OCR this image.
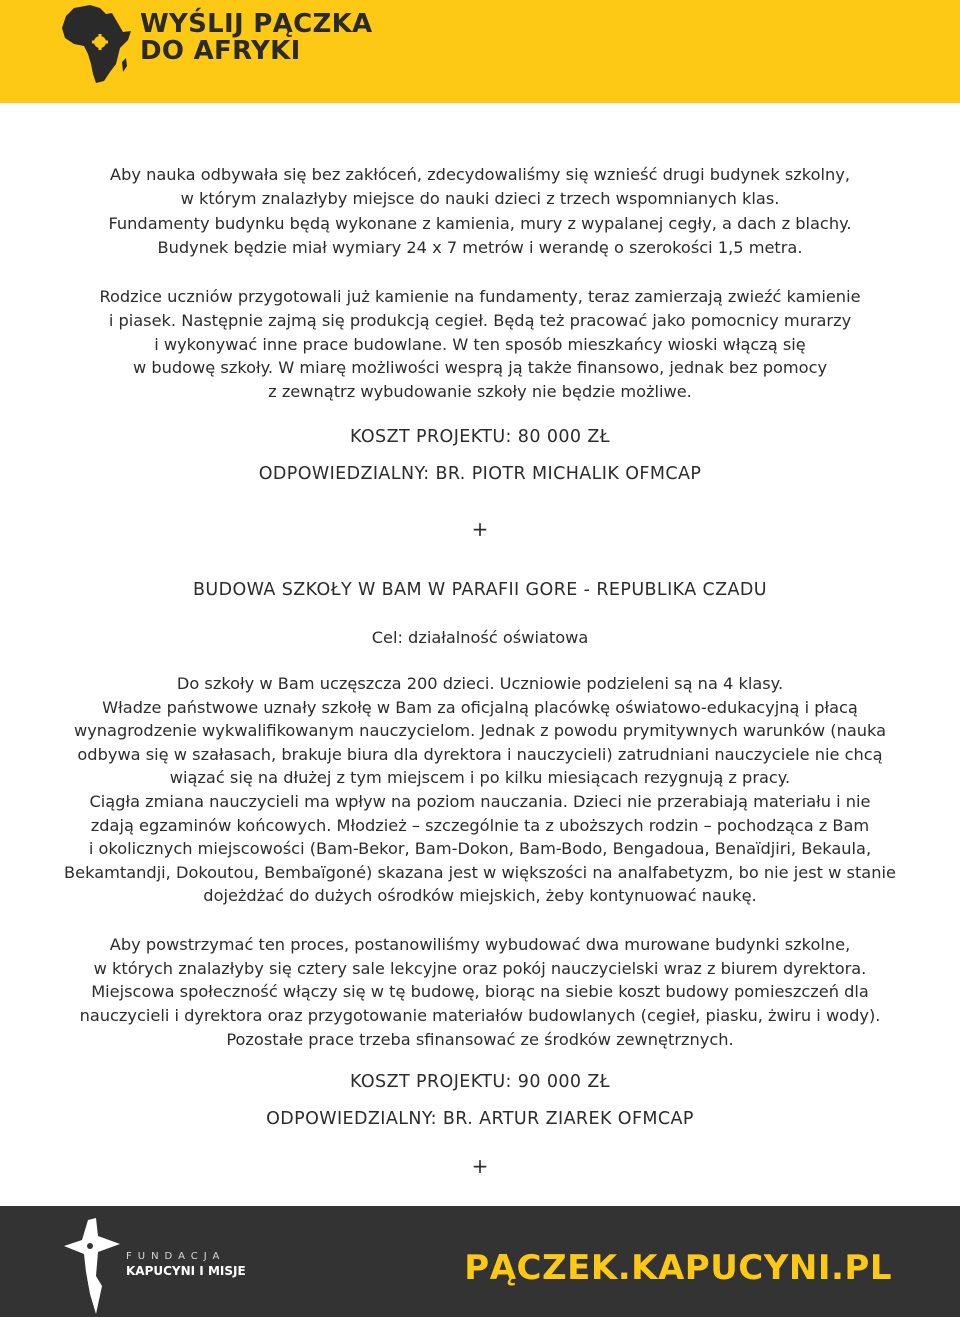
WYŚLIJ PĄCZKA
DO AFRYKI

Aby nauka odbywała się bez zakłóceń, zdecydowaliśmy się wznieść drugi budynek szkolny,
w którym znalazłyby miejsce do nauki dzieci z trzech wspomnianych klas.
Fundamenty budynku będą wykonane z kamienia, mury z wypalanej cegły, a dach z blachy.
Budynek będzie miał wymiary 24 x 7 metrów i werandę o szerokości 1,5 metra.

Rodzice uczniów przygotowali już kamienie na fundamenty, teraz zamierzają zwieźć kamienie
i piasek. Następnie zajmą się produkcją cegieł. Będą też pracować jako pomocnicy murarzy
i wykonywać inne prace budowlane. W ten sposób mieszkańcy wioski włączą się
w budowę szkoły. W miarę możliwości wesprą ją także finansowo, jednak bez pomocy
z zewnątrz wybudowanie szkoły nie będzie możliwe.

KOSZT PROJEKTU: 80 000 ZŁ

ODPOWIEDZIALNY: BR. PIOTR MICHALIK OFMCAP

+

BUDOWA SZKOŁY W BAM W PARAFII GORE - REPUBLIKA CZADU

Cel: działalność oświatowa

Do szkoły w Bam uczęszcza 200 dzieci. Uczniowie podzieleni są na 4 klasy.
Władze państwowe uznały szkołę w Bam za oficjalną placówkę oświatowo-edukacyjną i płacą
wynagrodzenie wykwalifikowanym nauczycielom. Jednak z powodu prymitywnych warunków (nauka
odbywa się w szałasach, brakuje biura dla dyrektora i nauczycieli) zatrudniani nauczyciele nie chcą
wiązać się na dłużej z tym miejscem i po kilku miesiącach rezygnują z pracy.
Ciągła zmiana nauczycieli ma wpływ na poziom nauczania. Dzieci nie przerabiają materiału i nie
zdają egzaminów końcowych. Młodzież – szczególnie ta z uboższych rodzin – pochodząca z Bam
i okolicznych miejscowości (Bam-Bekor, Bam-Dokon, Bam-Bodo, Bengadoua, Benaïdjiri, Bekaula,
Bekamtandji, Dokoutou, Bembaïgoné) skazana jest w większości na analfabetyzm, bo nie jest w stanie
dojeżdżać do dużych ośrodków miejskich, żeby kontynuować naukę.

Aby powstrzymać ten proces, postanowiliśmy wybudować dwa murowane budynki szkolne,
w których znalazłyby się cztery sale lekcyjne oraz pokój nauczycielski wraz z biurem dyrektora.
Miejscowa społeczność włączy się w tę budowę, biorąc na siebie koszt budowy pomieszczeń dla
nauczycieli i dyrektora oraz przygotowanie materiałów budowlanych (cegieł, piasku, żwiru i wody).
Pozostałe prace trzeba sfinansować ze środków zewnętrznych.

KOSZT PROJEKTU: 90 000 ZŁ

ODPOWIEDZIALNY: BR. ARTUR ZIAREK OFMCAP

+

FUNDACJA
KAPUCYNI I MISJE	PĄCZEK.KAPUCYNI.PL
